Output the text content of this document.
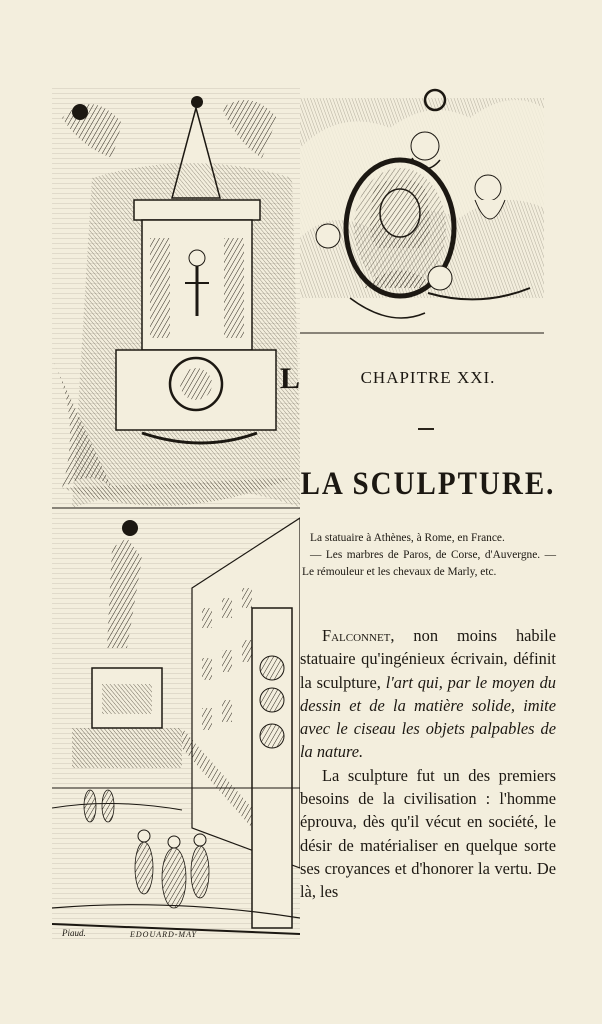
L
Piaud.	EDOUARD-MAY
CHAPITRE XXI.
LA SCULPTURE.
La statuaire à Athènes, à Rome, en France.
— Les marbres de Paros, de Corse, d'Auvergne. — Le rémouleur et les chevaux de Marly, etc.

Falconnet, non moins habile statuaire qu'ingénieux écrivain, définit la sculpture, l'art qui, par le moyen du dessin et de la matière solide, imite avec le ciseau les objets palpables de la nature.

La sculpture fut un des premiers besoins de la civilisation : l'homme éprouva, dès qu'il vécut en société, le désir de matérialiser en quelque sorte ses croyances et d'honorer la vertu. De là, les
